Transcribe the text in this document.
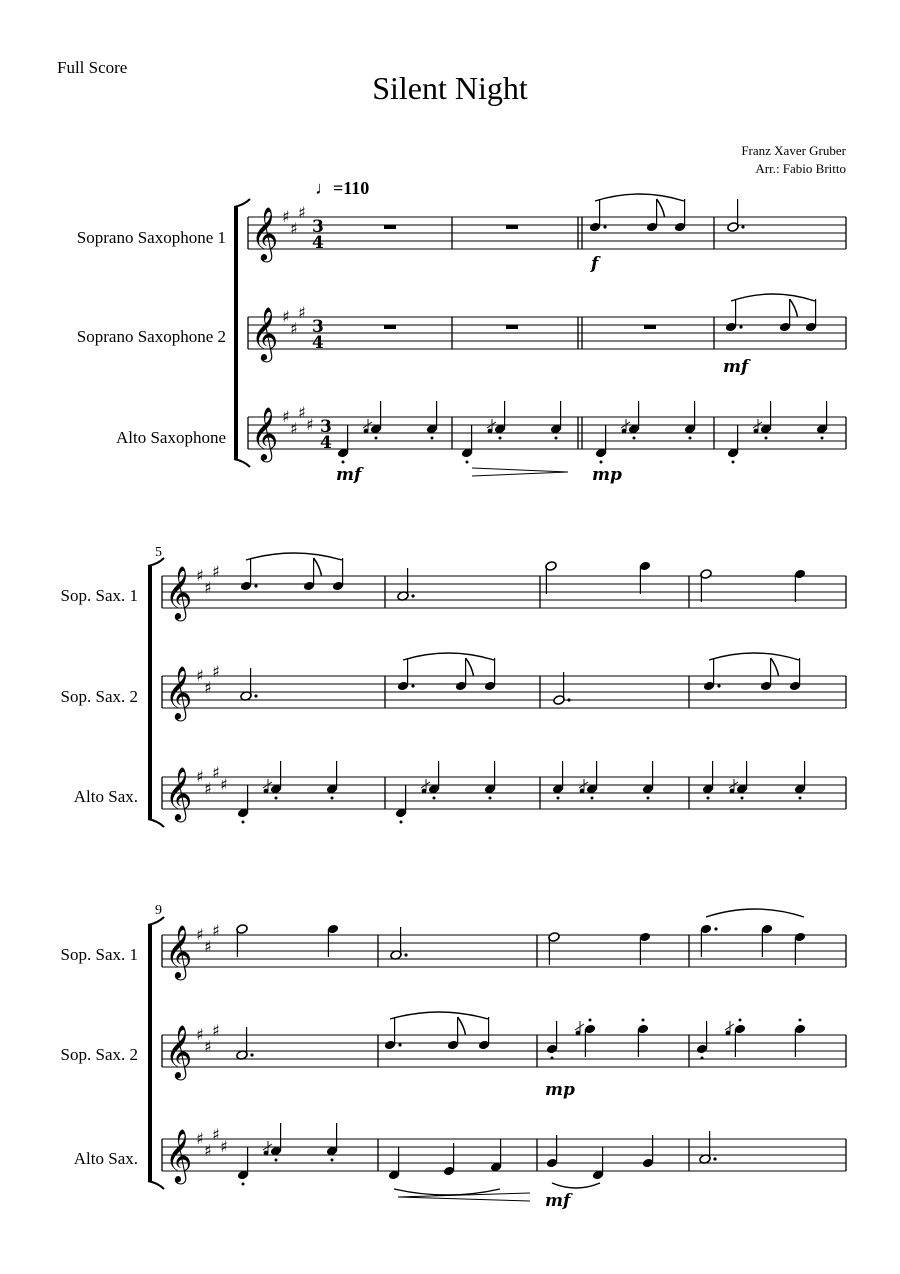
Full Score
Silent Night
Franz Xaver Gruber
Arr.: Fabio Britto
♩=110
Soprano Saxophone 1
Soprano Saxophone 2
Alto Saxophone
Sop. Sax. 1
Sop. Sax. 2
Alto Sax.
Sop. Sax. 1
Sop. Sax. 2
Alto Sax.
5
9
𝄞 ♯
♯
♯
3
4
𝄞 ♯
♯
♯
3
4
𝄞 ♯
♯
♯
♯ 3
4
𝄞 ♯
♯
♯
𝄞 ♯
♯
♯
𝄞 ♯
♯
♯
♯
𝄞 ♯
♯
♯
𝄞 ♯
♯
♯
𝄞 ♯
♯
♯
♯
f
mf
mf	mp
mp
mf
